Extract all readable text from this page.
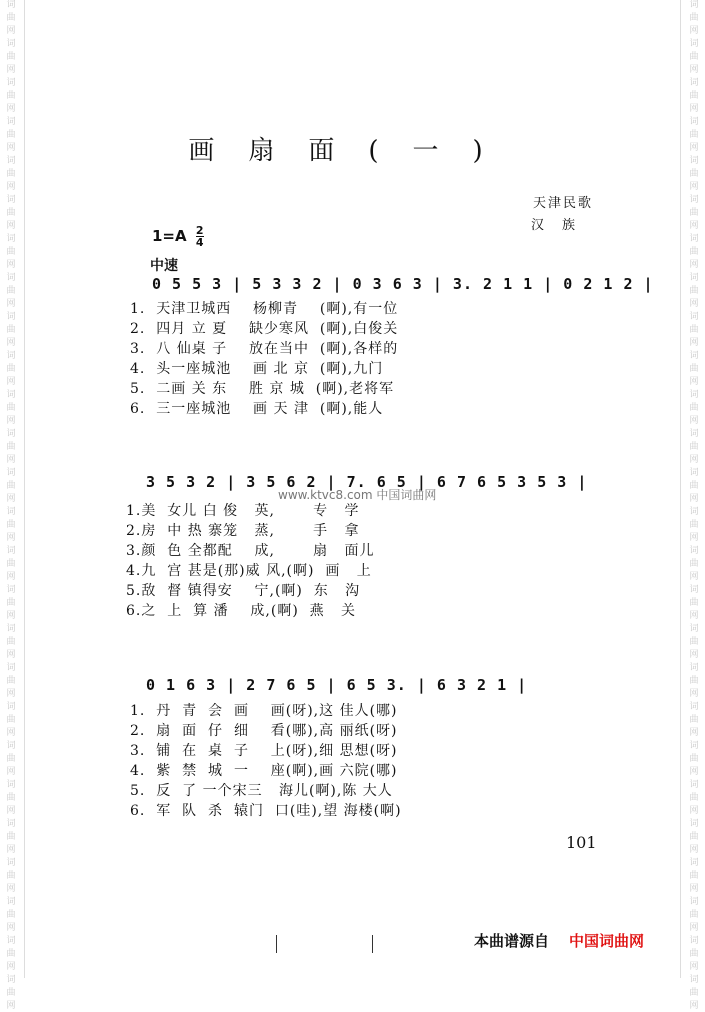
词
曲
网
词
曲
网
词
曲
网
词
曲
网
词
曲
网
词
曲
网
词
曲
网
词
曲
网
词
曲
网
词
曲
网
词
曲
网
词
曲
网
词
曲
网
词
曲
网
词
曲
网
词
曲
网
词
曲
网
词
曲
网
词
曲
网
词
曲
网
词
曲
网
词
曲
网
词
曲
网
词
曲
网
词
曲
网
词
曲
网
词
曲
网
词
曲
网
词
曲
网
词
曲
网
词
曲
网
词
曲
网
词
曲
网
词
曲
网
词
曲
网
词
曲
网
词
曲
网
词
曲
网
词
曲
网
词
曲
网
词
曲
网
词
曲
网
词
曲
网
词
曲
网
词
曲
网
词
曲
网
词
曲
网
词
曲
网
词
曲
网
词
曲
网
词
曲
网
词
曲
网
画扇面(一)
天津民歌
汉族
$1=A \frac{2}{4}$
中速
0 5 5 3 | 5 3 3 2 | 0 3 6 3 | 3. 2 1 1 | 0 2 1 2 |
1.  天津卫城西    杨柳青    (啊),有一位
2.  四月 立 夏    缺少寒风  (啊),白俊关
3.  八 仙桌 子    放在当中  (啊),各样的
4.  头一座城池    画 北 京  (啊),九门
5.  二画 关 东    胜 京 城  (啊),老将军
6.  三一座城池    画 天 津  (啊),能人
3 5 3 2 | 3 5 6 2 | 7. 6 5 | 6 7 6 5 3 5 3 |
www.ktvc8.com 中国词曲网
1.美  女儿 白 俊   英,       专   学
2.房  中 热 寨笼   蒸,       手   拿
3.颜  色 全都配    成,       扇   面儿
4.九  宫 甚是(那)威 风,(啊)  画   上
5.敌  督 镇得安    宁,(啊)  东   沟
6.之  上  算 潘    成,(啊)  燕   关
0 1 6 3 | 2 7 6 5 | 6 5 3. | 6 3 2 1 |
1.  丹  青  会  画    画(呀),这 佳人(哪)
2.  扇  面  仔  细    看(哪),高 丽纸(呀)
3.  铺  在  桌  子    上(呀),细 思想(呀)
4.  紫  禁  城  一    座(啊),画 六院(哪)
5.  反  了 一个宋三   海儿(啊),陈 大人
6.  军  队  杀  辕门  口(哇),望 海楼(啊)
101
本曲谱源自 中国词曲网
